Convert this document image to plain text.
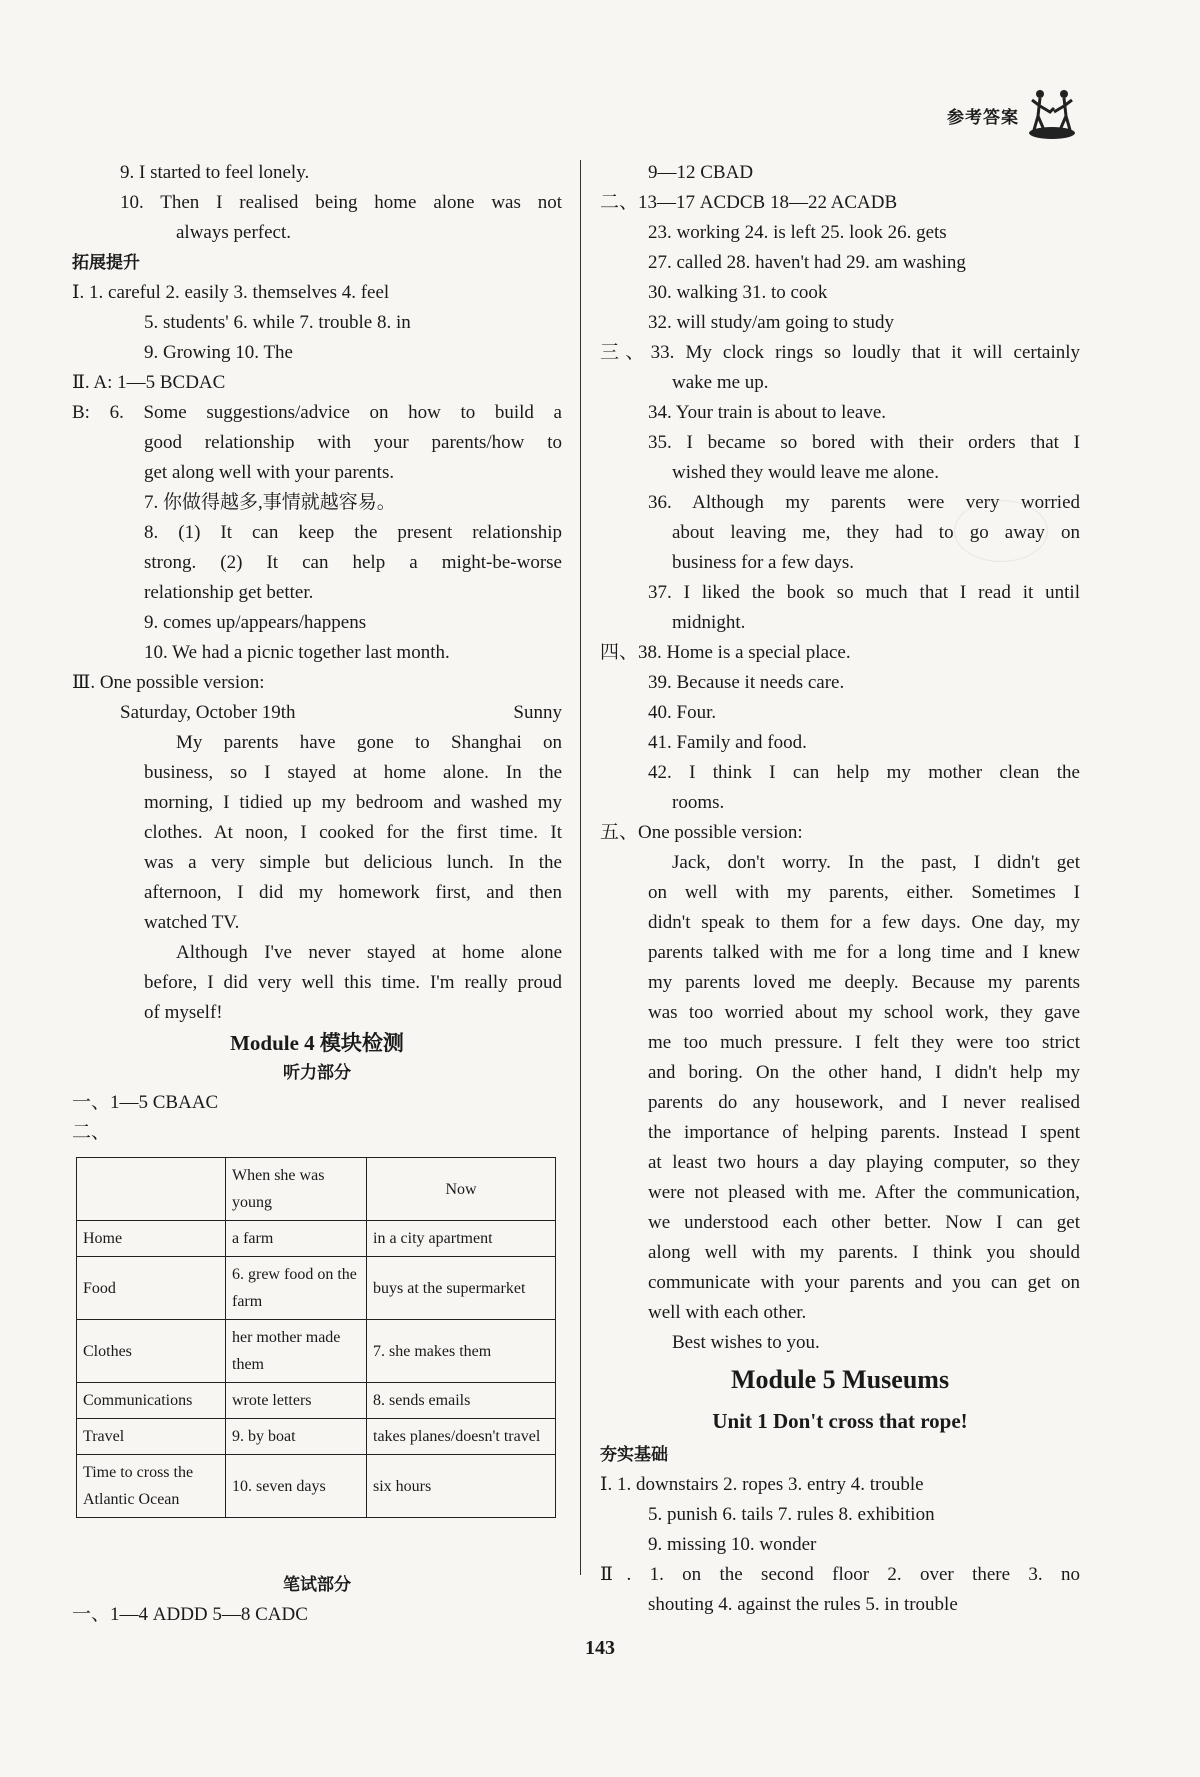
参考答案
9. I started to feel lonely.
10. Then I realised being home alone was not
always perfect.
拓展提升
Ⅰ. 1. careful 2. easily 3. themselves 4. feel
5. students' 6. while 7. trouble 8. in
9. Growing 10. The
Ⅱ. A: 1—5 BCDAC
B: 6. Some suggestions/advice on how to build a
good relationship with your parents/how to
get along well with your parents.
7. 你做得越多,事情就越容易。
8. (1) It can keep the present relationship
strong. (2) It can help a might-be-worse
relationship get better.
9. comes up/appears/happens
10. We had a picnic together last month.
Ⅲ. One possible version:
Saturday, October 19th	Sunny
My parents have gone to Shanghai on
business, so I stayed at home alone. In the
morning, I tidied up my bedroom and washed my
clothes. At noon, I cooked for the first time. It
was a very simple but delicious lunch. In the
afternoon, I did my homework first, and then
watched TV.
Although I've never stayed at home alone
before, I did very well this time. I'm really proud
of myself!
Module 4 模块检测
听力部分
一、1—5 CBAAC
二、
	When she was young	Now
Home	a farm	in a city apartment
Food	6. grew food on the farm	buys at the supermarket
Clothes	her mother made them	7. she makes them
Communications	wrote letters	8. sends emails
Travel	9. by boat	takes planes/doesn't travel
Time to cross the Atlantic Ocean	10. seven days	six hours
笔试部分
一、1—4 ADDD 5—8 CADC
9—12 CBAD
二、13—17 ACDCB 18—22 ACADB
23. working 24. is left 25. look 26. gets
27. called 28. haven't had 29. am washing
30. walking 31. to cook
32. will study/am going to study
三、33. My clock rings so loudly that it will certainly
wake me up.
34. Your train is about to leave.
35. I became so bored with their orders that I
wished they would leave me alone.
36. Although my parents were very worried
about leaving me, they had to go away on
business for a few days.
37. I liked the book so much that I read it until
midnight.
四、38. Home is a special place.
39. Because it needs care.
40. Four.
41. Family and food.
42. I think I can help my mother clean the
rooms.
五、One possible version:
Jack, don't worry. In the past, I didn't get
on well with my parents, either. Sometimes I
didn't speak to them for a few days. One day, my
parents talked with me for a long time and I knew
my parents loved me deeply. Because my parents
was too worried about my school work, they gave
me too much pressure. I felt they were too strict
and boring. On the other hand, I didn't help my
parents do any housework, and I never realised
the importance of helping parents. Instead I spent
at least two hours a day playing computer, so they
were not pleased with me. After the communication,
we understood each other better. Now I can get
along well with my parents. I think you should
communicate with your parents and you can get on
well with each other.
Best wishes to you.
Module 5 Museums
Unit 1 Don't cross that rope!
夯实基础
Ⅰ. 1. downstairs 2. ropes 3. entry 4. trouble
5. punish 6. tails 7. rules 8. exhibition
9. missing 10. wonder
Ⅱ. 1. on the second floor 2. over there 3. no
shouting 4. against the rules 5. in trouble
143
